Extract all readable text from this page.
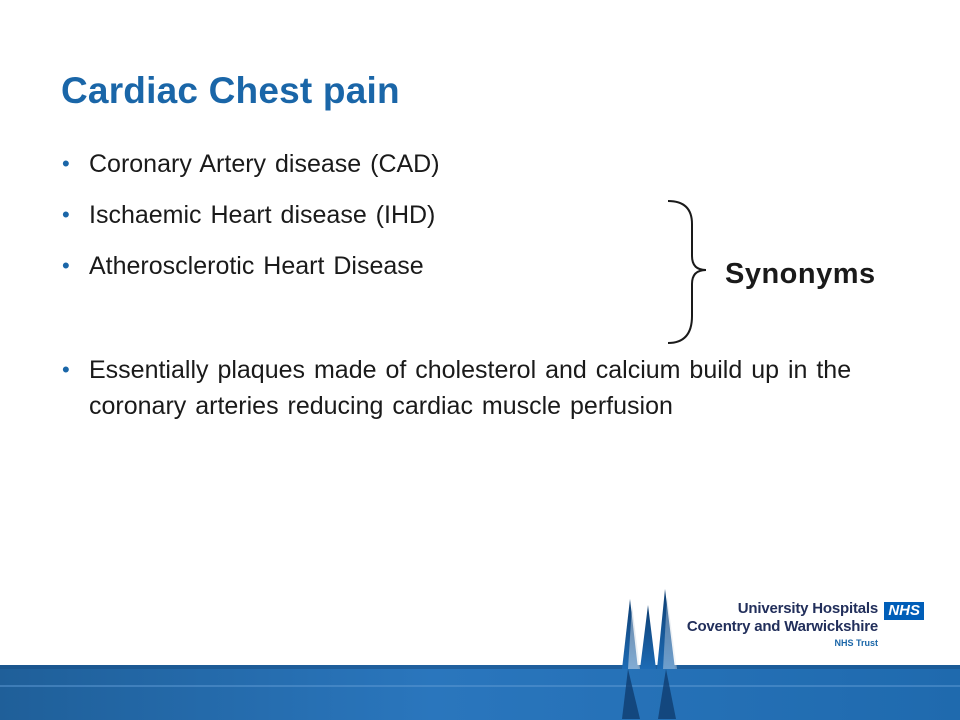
Cardiac Chest pain
• Coronary Artery disease (CAD)
• Ischaemic Heart disease (IHD)
• Atherosclerotic Heart Disease
• Essentially plaques made of cholesterol and calcium build up in the coronary arteries reducing cardiac muscle perfusion
Synonyms
NHS
University Hospitals
Coventry and Warwickshire
NHS Trust
